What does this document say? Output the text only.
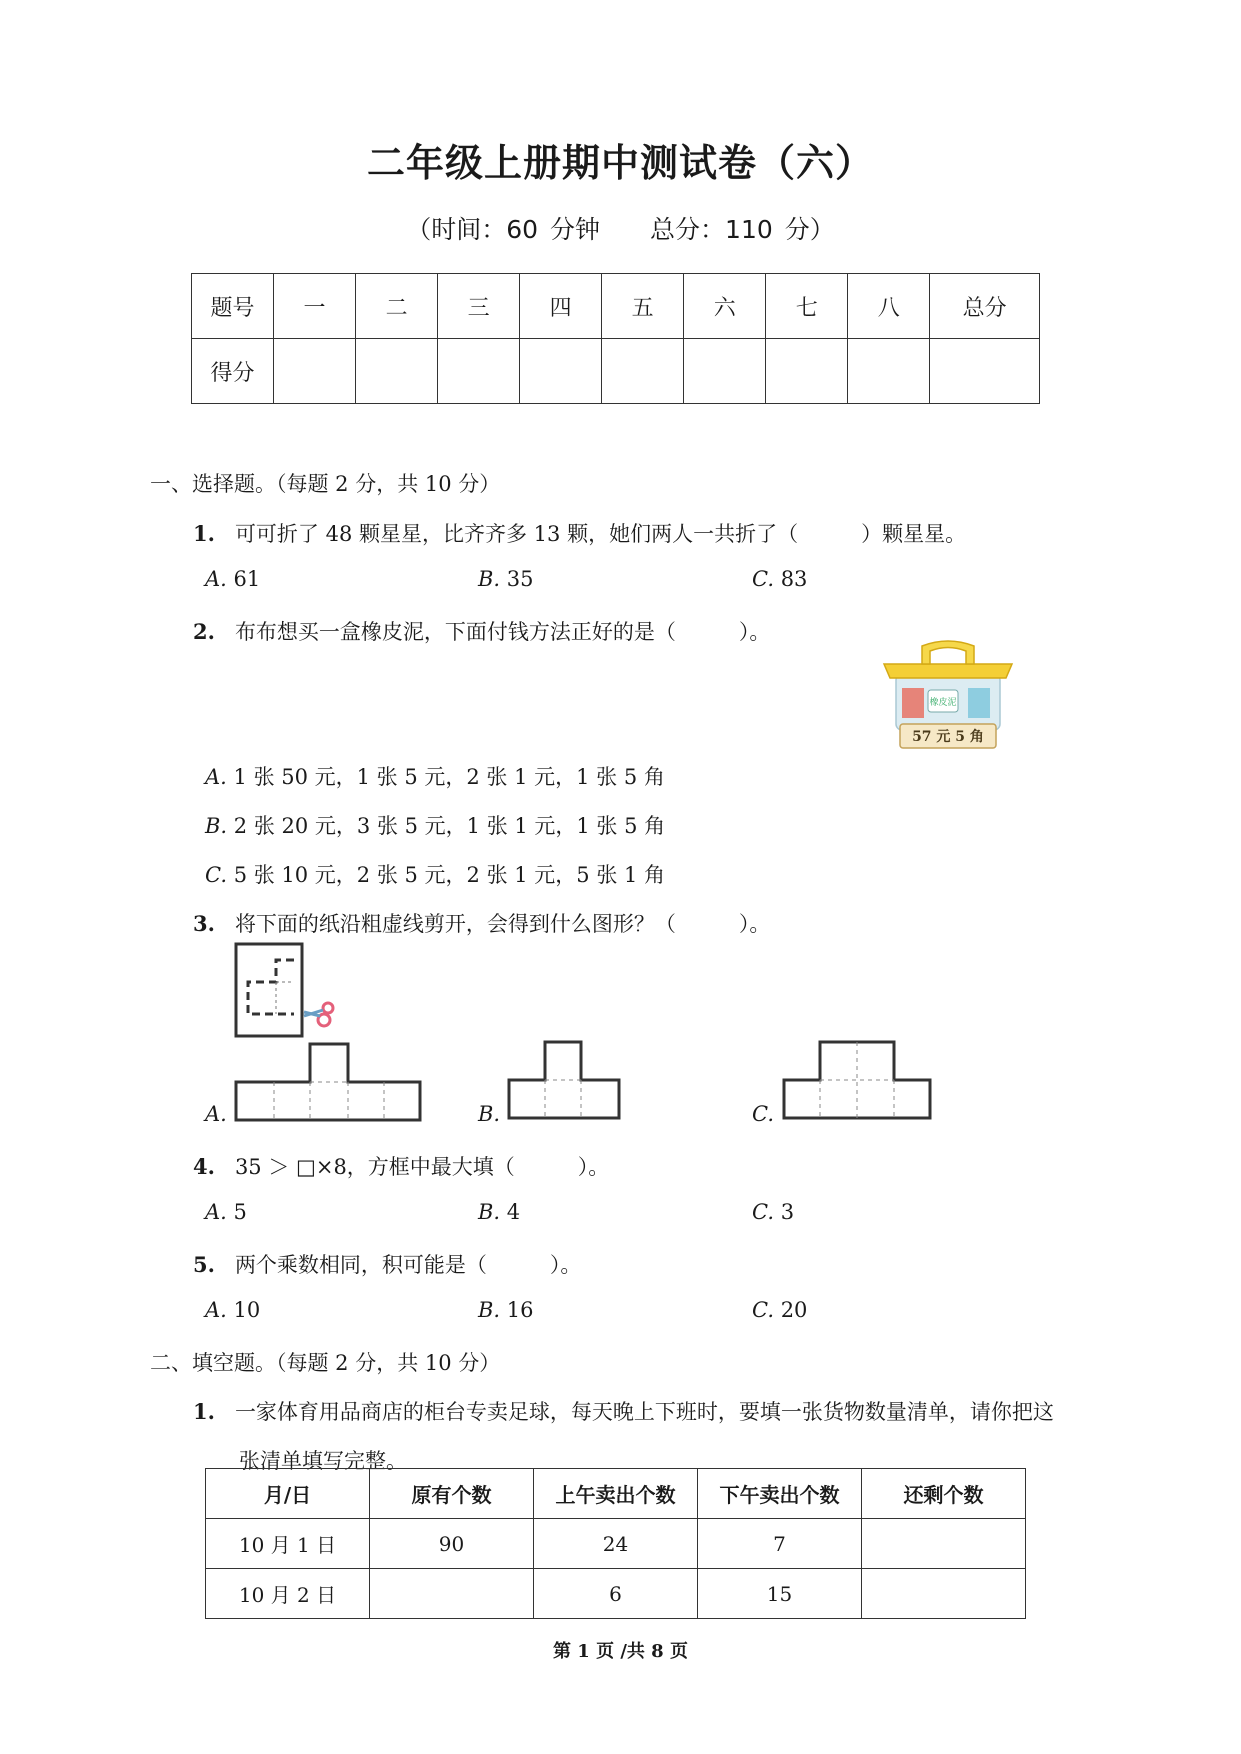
二年级上册期中测试卷（六）
（时间：60 分钟　　总分：110 分）
题号	一	二	三	四	五	六	七	八	总分
得分									
一、选择题。（每题 2 分，共 10 分）
1. 可可折了 48 颗星星，比齐齐多 13 颗，她们两人一共折了（　　　）颗星星。
A. 61	B. 35	C. 83
2. 布布想买一盒橡皮泥，下面付钱方法正好的是（　　　）。
橡皮泥
57 元 5 角
A. 1 张 50 元，1 张 5 元，2 张 1 元，1 张 5 角
B. 2 张 20 元，3 张 5 元，1 张 1 元，1 张 5 角
C. 5 张 10 元，2 张 5 元，2 张 1 元，5 张 1 角
3. 将下面的纸沿粗虚线剪开，会得到什么图形？（　　　）。
A.	B.	C.
4. 35 ＞ □×8，方框中最大填（　　　）。
A. 5	B. 4	C. 3
5. 两个乘数相同，积可能是（　　　）。
A. 10	B. 16	C. 20
二、填空题。（每题 2 分，共 10 分）
1. 一家体育用品商店的柜台专卖足球，每天晚上下班时，要填一张货物数量清单，请你把这
张清单填写完整。
月/日	原有个数	上午卖出个数	下午卖出个数	还剩个数
10 月 1 日	90	24	7	
10 月 2 日		6	15	
第 1 页 /共 8 页
